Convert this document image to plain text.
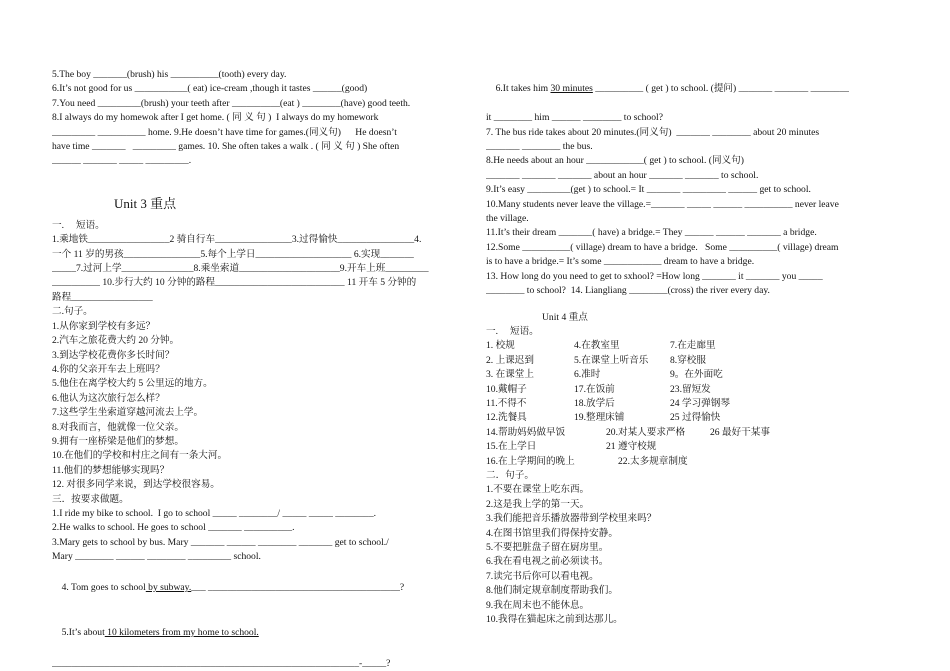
5.The boy _______(brush) his __________(tooth) every day.
6.It’s not good for us ___________( eat) ice-cream ,though it tastes ______(good)
7.You need _________(brush) your teeth after __________(eat ) ________(have) good teeth.
8.I always do my homewok after I get home. ( 同 义 句 )  I always do my homework
_________ __________ home. 9.He doesn’t have time for games.(同义句)      He doesn’t
have time _______   _________ games. 10. She often takes a walk . ( 同 义 句 ) She often
______ _______ _____ _________.
Unit 3 重点
一.     短语。
1.乘地铁_________________2 骑自行车________________3.过得愉快________________4.
一个 11 岁的男孩________________5.每个上学日____________________ 6.实现_______
_____7.过河上学_______________8.乘坐索道_____________________9.开车上班_________
__________ 10.步行大约 10 分钟的路程___________________________ 11 开车 5 分钟的
路程_________________
二.句子。
1.从你家到学校有多远？
2.汽车之旅花费大约 20 分钟。
3.到达学校花费你多长时间？
4.你的父亲开车去上班吗？
5.他住在离学校大约 5 公里远的地方。
6.他认为这次旅行怎么样？
7.这些学生坐索道穿越河流去上学。
8.对我而言，他就像一位父亲。
9.拥有一座桥梁是他们的梦想。
10.在他们的学校和村庄之间有一条大河。
11.他们的梦想能够实现吗？
12. 对很多同学来说，到达学校很容易。
三．按要求做题。
1.I ride my bike to school.  I go to school _____ ________/ _____ _____ ________.
2.He walks to school. He goes to school _______ __________.
3.Mary gets to school by bus. Mary _______ ______ ________ _______ get to school./
Mary ________ ______ ________ _________ school.

4. Tom goes to school by subway.___ ________________________________________?

5.It’s about 10 kilometers from my home to school.

________________________________________________________________-_____?

6.It takes him 30 minutes __________ ( get ) to school. (提问) _______ _______ ________

it ________ him ______ ________ to school?
7. The bus ride takes about 20 minutes.(同义句)  _______ ________ about 20 minutes
_______ ________ the bus.
8.He needs about an hour ____________( get ) to school. (同义句)
_______ _______ _______ about an hour _______ _______ to school.
9.It’s easy _________(get ) to school.= It _______ _________ ______ get to school.
10.Many students never leave the village.=_______ _____ ______ __________ never leave
the village.
11.It’s their dream _______( have) a bridge.= They ______ ______ _______ a bridge.
12.Some __________( village) dream to have a bridge.   Some __________( village) dream
is to have a bridge.= It’s some ____________ dream to have a bridge.
13. How long do you need to get to sxhool? =How long _______ it _______ you _____
________ to school?  14. Liangliang ________(cross) the river every day.
Unit 4 重点
一.     短语。
1. 校规	4.在教室里	7.在走廊里
2. 上课迟到	5.在课堂上听音乐	8.穿校服
3. 在课堂上	6.准时	9。在外面吃
10.戴帽子	17.在饭前	23.留短发
11.不得不	18.放学后	24 学习弹钢琴
12.洗餐具	19.整理床铺	25 过得愉快
14.帮助妈妈做早饭	20.对某人要求严格	26 最好干某事
15.在上学日	21 遵守校规
16.在上学期间的晚上	22.太多规章制度
二．句子。
1.不要在课堂上吃东西。
2.这是我上学的第一天。
3.我们能把音乐播放器带到学校里来吗？
4.在图书馆里我们得保持安静。
5.不要把脏盘子留在厨房里。
6.我在看电视之前必须读书。
7.读完书后你可以看电视。
8.他们制定规章制度帮助我们。
9.我在周末也不能休息。
10.我得在猫起床之前到达那儿。
